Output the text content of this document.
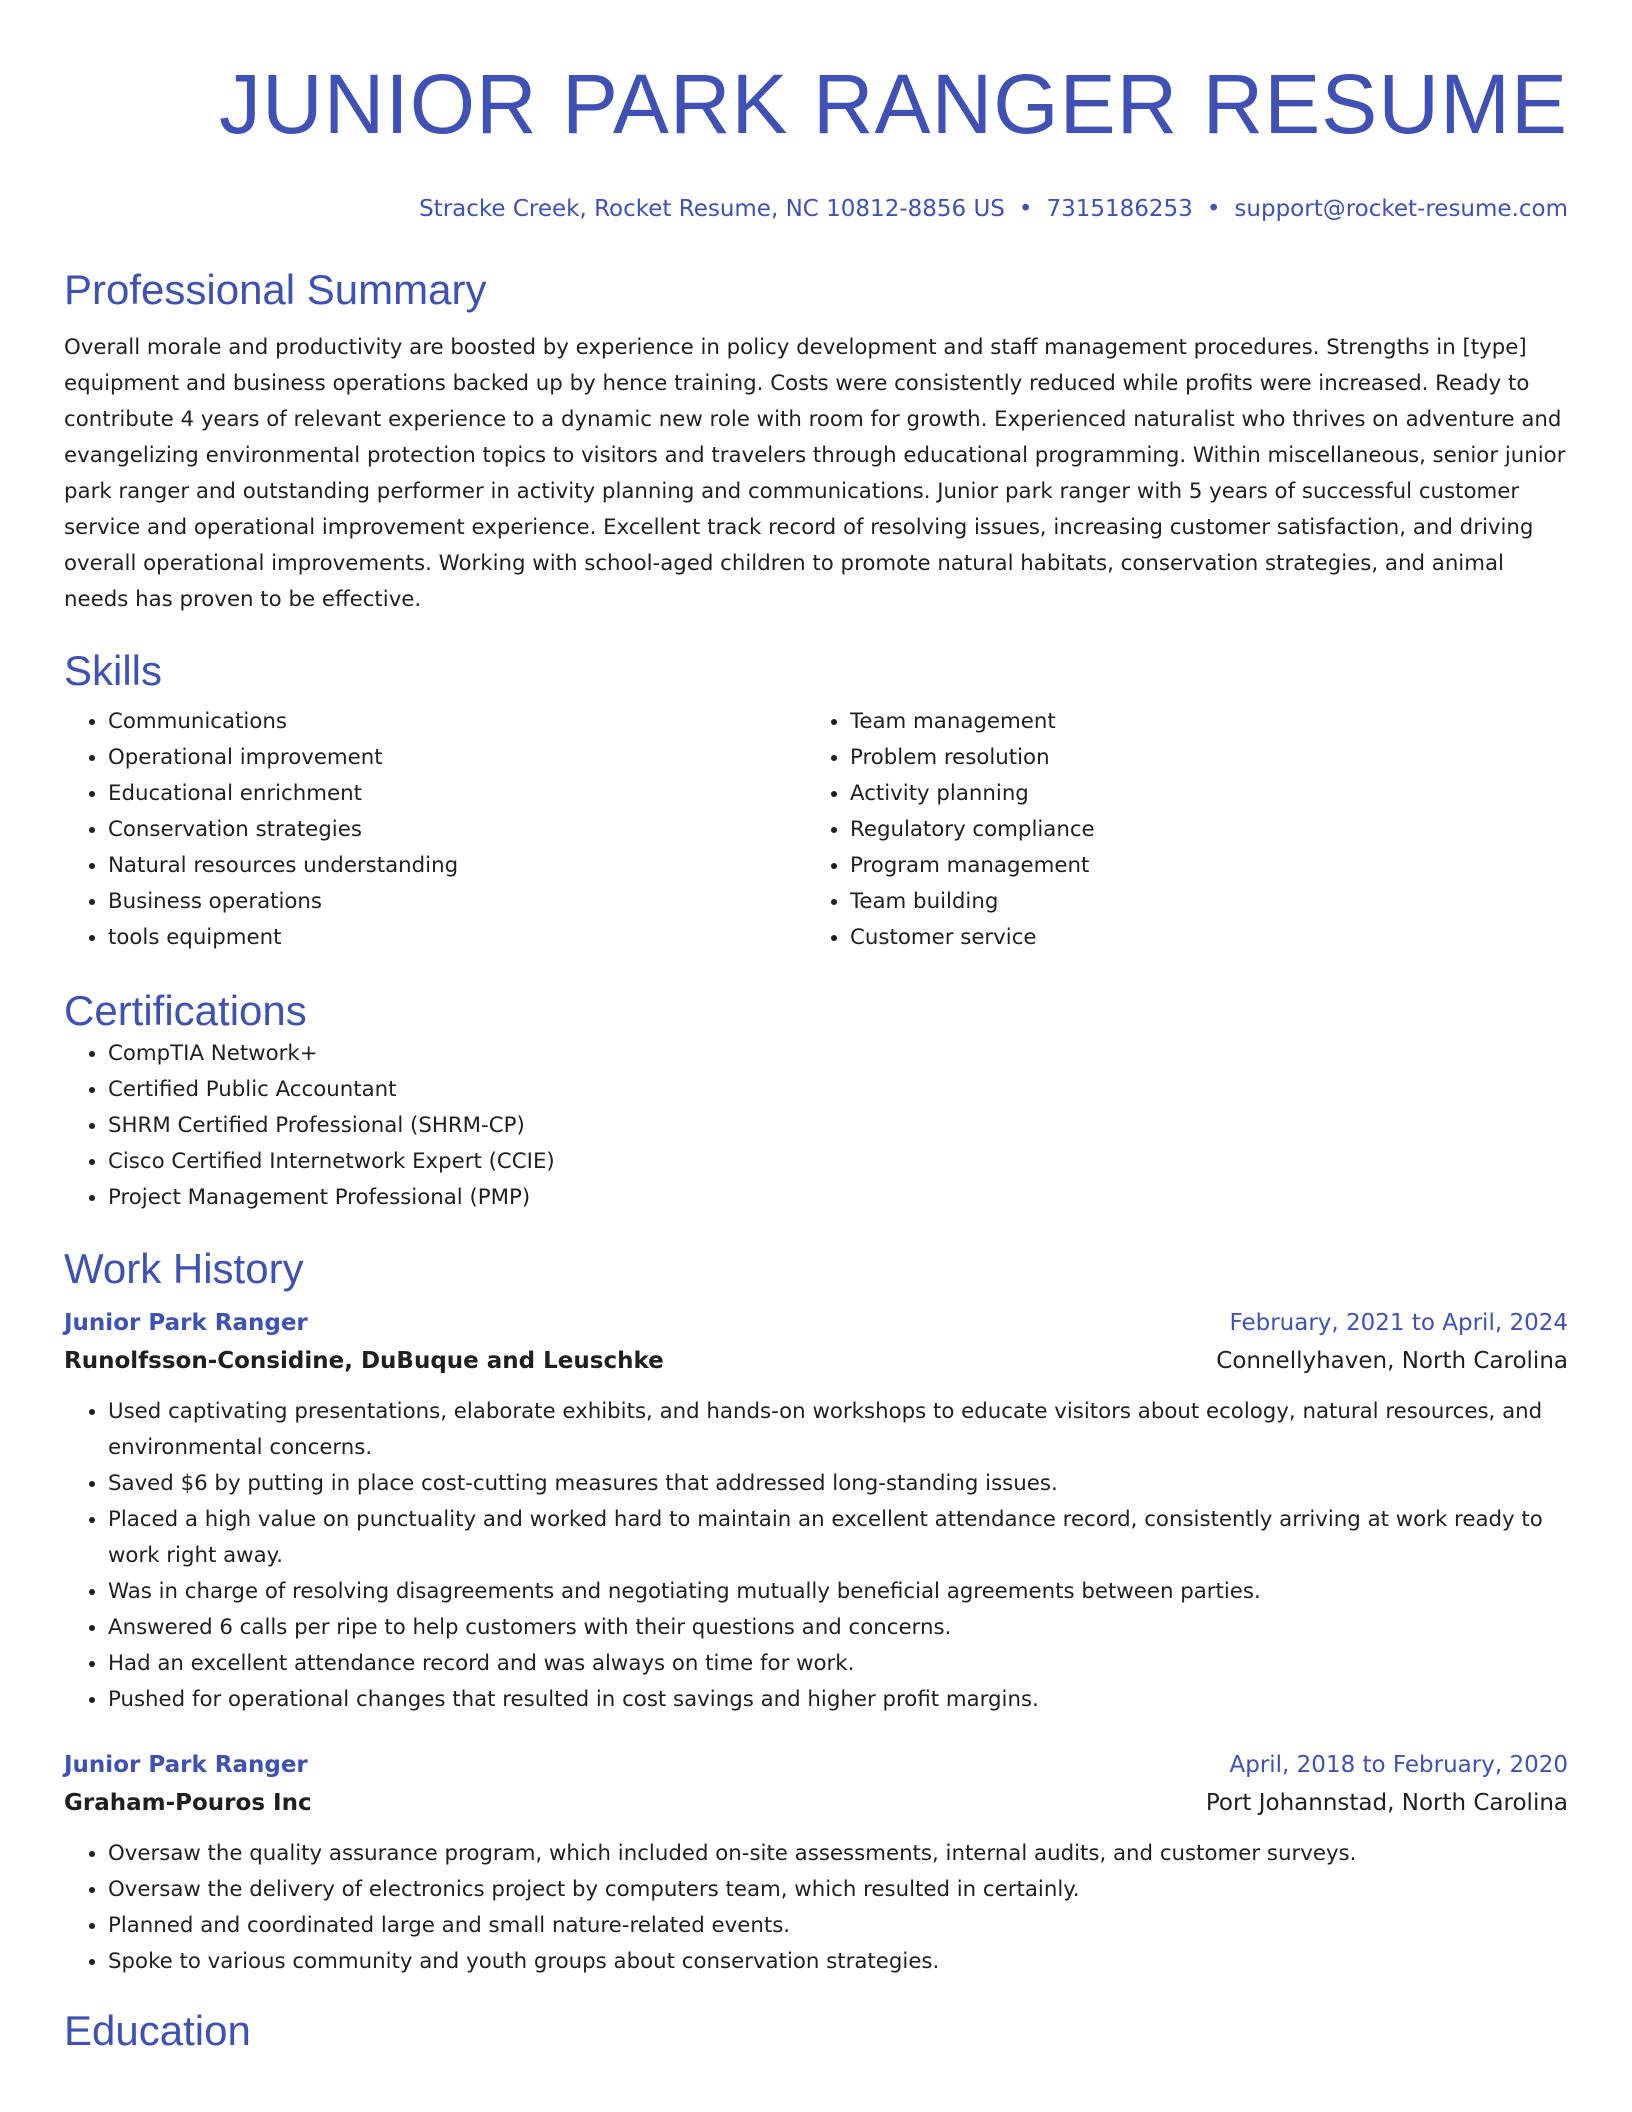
JUNIOR PARK RANGER RESUME
Stracke Creek, Rocket Resume, NC 10812-8856 US • 7315186253 • support@rocket-resume.com
Professional Summary

Overall morale and productivity are boosted by experience in policy development and staff management procedures. Strengths in [type] equipment and business operations backed up by hence training. Costs were consistently reduced while profits were increased. Ready to contribute 4 years of relevant experience to a dynamic new role with room for growth. Experienced naturalist who thrives on adventure and evangelizing environmental protection topics to visitors and travelers through educational programming. Within miscellaneous, senior junior park ranger and outstanding performer in activity planning and communications. Junior park ranger with 5 years of successful customer service and operational improvement experience. Excellent track record of resolving issues, increasing customer satisfaction, and driving overall operational improvements. Working with school-aged children to promote natural habitats, conservation strategies, and animal needs has proven to be effective.

Skills
• Communications
• Operational improvement
• Educational enrichment
• Conservation strategies
• Natural resources understanding
• Business operations
• tools equipment
• Team management
• Problem resolution
• Activity planning
• Regulatory compliance
• Program management
• Team building
• Customer service
Certifications
• CompTIA Network+
• Certified Public Accountant
• SHRM Certified Professional (SHRM-CP)
• Cisco Certified Internetwork Expert (CCIE)
• Project Management Professional (PMP)
Work History
Junior Park Ranger	February, 2021 to April, 2024
Runolfsson-Considine, DuBuque and Leuschke	Connellyhaven, North Carolina
• Used captivating presentations, elaborate exhibits, and hands-on workshops to educate visitors about ecology, natural resources, and environmental concerns.
• Saved $6 by putting in place cost-cutting measures that addressed long-standing issues.
• Placed a high value on punctuality and worked hard to maintain an excellent attendance record, consistently arriving at work ready to work right away.
• Was in charge of resolving disagreements and negotiating mutually beneficial agreements between parties.
• Answered 6 calls per ripe to help customers with their questions and concerns.
• Had an excellent attendance record and was always on time for work.
• Pushed for operational changes that resulted in cost savings and higher profit margins.
Junior Park Ranger	April, 2018 to February, 2020
Graham-Pouros Inc	Port Johannstad, North Carolina
• Oversaw the quality assurance program, which included on-site assessments, internal audits, and customer surveys.
• Oversaw the delivery of electronics project by computers team, which resulted in certainly.
• Planned and coordinated large and small nature-related events.
• Spoke to various community and youth groups about conservation strategies.
Education
